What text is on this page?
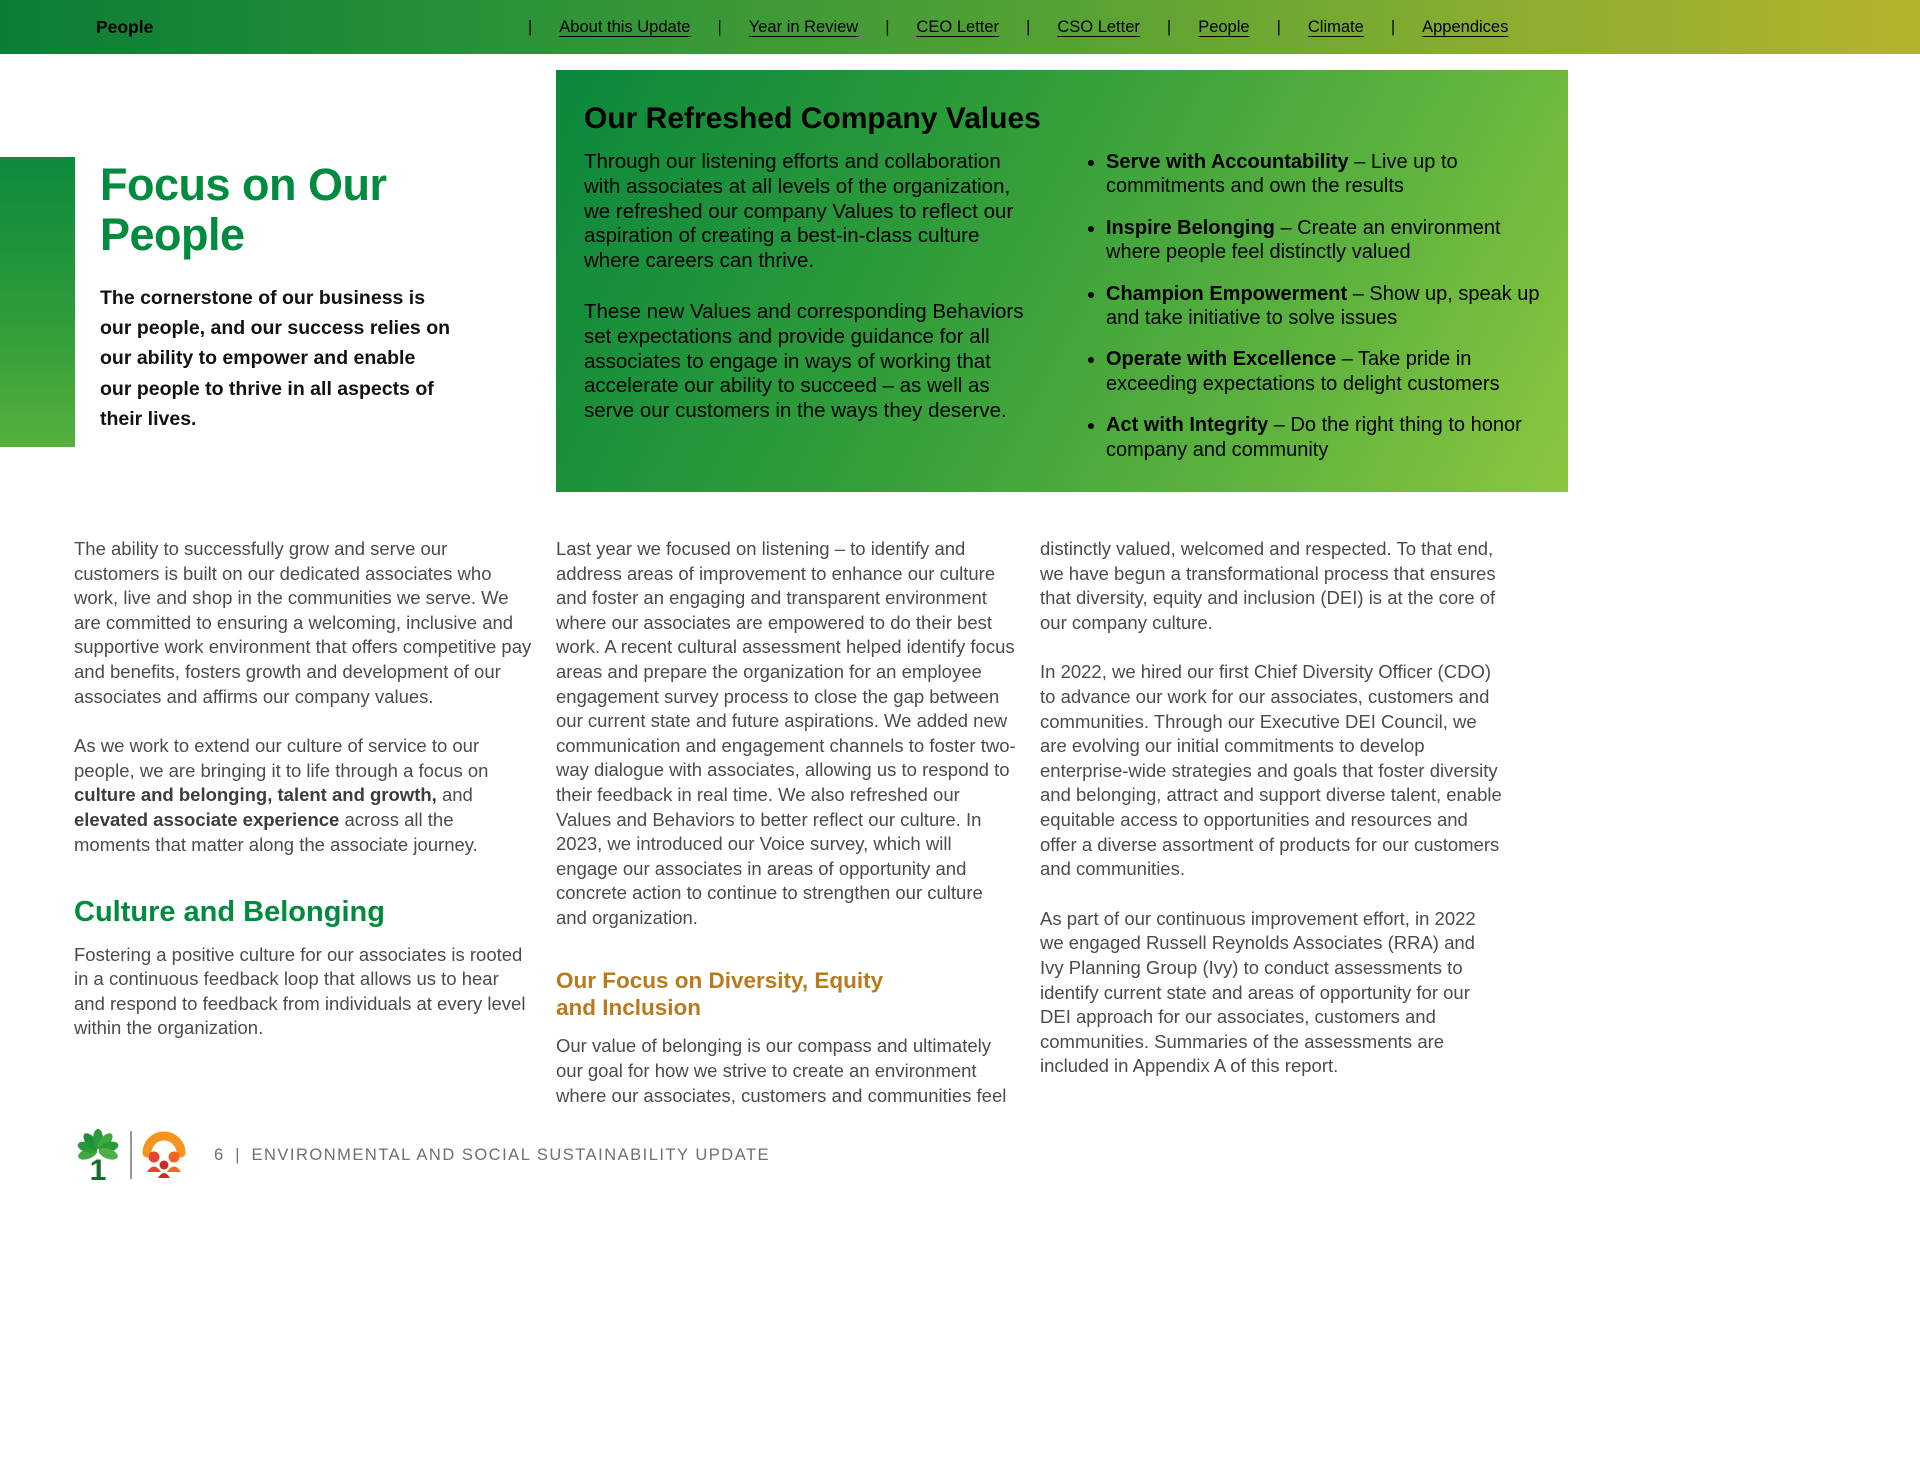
People	| About this Update | Year in Review | CEO Letter | CSO Letter | People | Climate | Appendices
Focus on Our People

The cornerstone of our business is our people, and our success relies on our ability to empower and enable our people to thrive in all aspects of their lives.

Our Refreshed Company Values

Through our listening efforts and collaboration with associates at all levels of the organization, we refreshed our company Values to reflect our aspiration of creating a best-in-class culture where careers can thrive.

These new Values and corresponding Behaviors set expectations and provide guidance for all associates to engage in ways of working that accelerate our ability to succeed – as well as serve our customers in the ways they deserve.

• Serve with Accountability – Live up to commitments and own the results
• Inspire Belonging – Create an environment where people feel distinctly valued
• Champion Empowerment – Show up, speak up and take initiative to solve issues
• Operate with Excellence – Take pride in exceeding expectations to delight customers
• Act with Integrity – Do the right thing to honor company and community

The ability to successfully grow and serve our customers is built on our dedicated associates who work, live and shop in the communities we serve. We are committed to ensuring a welcoming, inclusive and supportive work environment that offers competitive pay and benefits, fosters growth and development of our associates and affirms our company values.

As we work to extend our culture of service to our people, we are bringing it to life through a focus on culture and belonging, talent and growth, and elevated associate experience across all the moments that matter along the associate journey.

Culture and Belonging

Fostering a positive culture for our associates is rooted in a continuous feedback loop that allows us to hear and respond to feedback from individuals at every level within the organization.

Last year we focused on listening – to identify and address areas of improvement to enhance our culture and foster an engaging and transparent environment where our associates are empowered to do their best work. A recent cultural assessment helped identify focus areas and prepare the organization for an employee engagement survey process to close the gap between our current state and future aspirations. We added new communication and engagement channels to foster two-way dialogue with associates, allowing us to respond to their feedback in real time. We also refreshed our Values and Behaviors to better reflect our culture. In 2023, we introduced our Voice survey, which will engage our associates in areas of opportunity and concrete action to continue to strengthen our culture and organization.

Our Focus on Diversity, Equity and Inclusion

Our value of belonging is our compass and ultimately our goal for how we strive to create an environment where our associates, customers and communities feel

distinctly valued, welcomed and respected. To that end, we have begun a transformational process that ensures that diversity, equity and inclusion (DEI) is at the core of our company culture.

In 2022, we hired our first Chief Diversity Officer (CDO) to advance our work for our associates, customers and communities. Through our Executive DEI Council, we are evolving our initial commitments to develop enterprise-wide strategies and goals that foster diversity and belonging, attract and support diverse talent, enable equitable access to opportunities and resources and offer a diverse assortment of products for our customers and communities.

As part of our continuous improvement effort, in 2022 we engaged Russell Reynolds Associates (RRA) and Ivy Planning Group (Ivy) to conduct assessments to identify current state and areas of opportunity for our DEI approach for our associates, customers and communities. Summaries of the assessments are included in Appendix A of this report.

1	6 | ENVIRONMENTAL AND SOCIAL SUSTAINABILITY UPDATE
